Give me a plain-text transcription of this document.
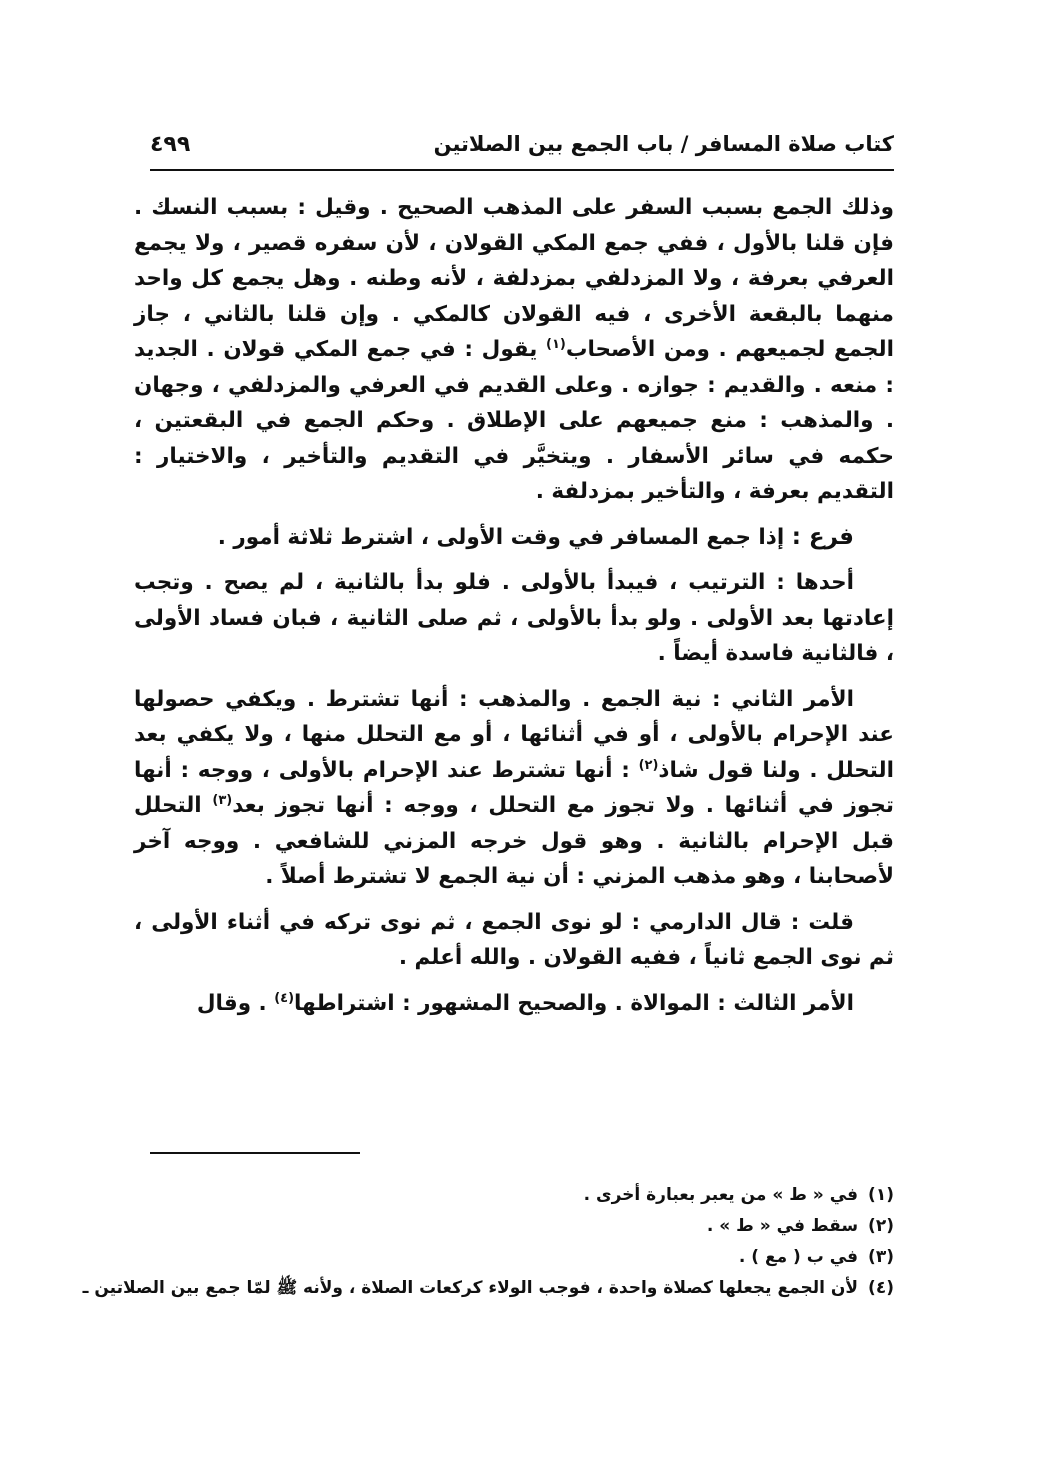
كتاب صلاة المسافر / باب الجمع بين الصلاتين
٤٩٩

وذلك الجمع بسبب السفر على المذهب الصحيح . وقيل : بسبب النسك . فإن قلنا بالأول ، ففي جمع المكي القولان ، لأن سفره قصير ، ولا يجمع العرفي بعرفة ، ولا المزدلفي بمزدلفة ، لأنه وطنه . وهل يجمع كل واحد منهما بالبقعة الأخرى ، فيه القولان كالمكي . وإن قلنا بالثاني ، جاز الجمع لجميعهم . ومن الأصحاب$^{(١)}$ يقول : في جمع المكي قولان . الجديد : منعه . والقديم : جوازه . وعلى القديم في العرفي والمزدلفي ، وجهان . والمذهب : منع جميعهم على الإطلاق . وحكم الجمع في البقعتين ، حكمه في سائر الأسفار . ويتخيَّر في التقديم والتأخير ، والاختيار : التقديم بعرفة ، والتأخير بمزدلفة .

فرع : إذا جمع المسافر في وقت الأولى ، اشترط ثلاثة أمور .

أحدها : الترتيب ، فيبدأ بالأولى . فلو بدأ بالثانية ، لم يصح . وتجب إعادتها بعد الأولى . ولو بدأ بالأولى ، ثم صلى الثانية ، فبان فساد الأولى ، فالثانية فاسدة أيضاً .

الأمر الثاني : نية الجمع . والمذهب : أنها تشترط . ويكفي حصولها عند الإحرام بالأولى ، أو في أثنائها ، أو مع التحلل منها ، ولا يكفي بعد التحلل . ولنا قول شاذ$^{(٢)}$ : أنها تشترط عند الإحرام بالأولى ، ووجه : أنها تجوز في أثنائها . ولا تجوز مع التحلل ، ووجه : أنها تجوز بعد$^{(٣)}$ التحلل قبل الإحرام بالثانية . وهو قول خرجه المزني للشافعي . ووجه آخر لأصحابنا ، وهو مذهب المزني : أن نية الجمع لا تشترط أصلاً .

قلت : قال الدارمي : لو نوى الجمع ، ثم نوى تركه في أثناء الأولى ، ثم نوى الجمع ثانياً ، ففيه القولان . والله أعلم .

الأمر الثالث : الموالاة . والصحيح المشهور : اشتراطها$^{(٤)}$ . وقال

(١)في « ط » من يعبر بعبارة أخرى .
(٢)سقط في « ط » .
(٣)في ب ( مع ) .
(٤)لأن الجمع يجعلها كصلاة واحدة ، فوجب الولاء كركعات الصلاة ، ولأنه ﷺ لمّا جمع بين الصلاتين ـ
